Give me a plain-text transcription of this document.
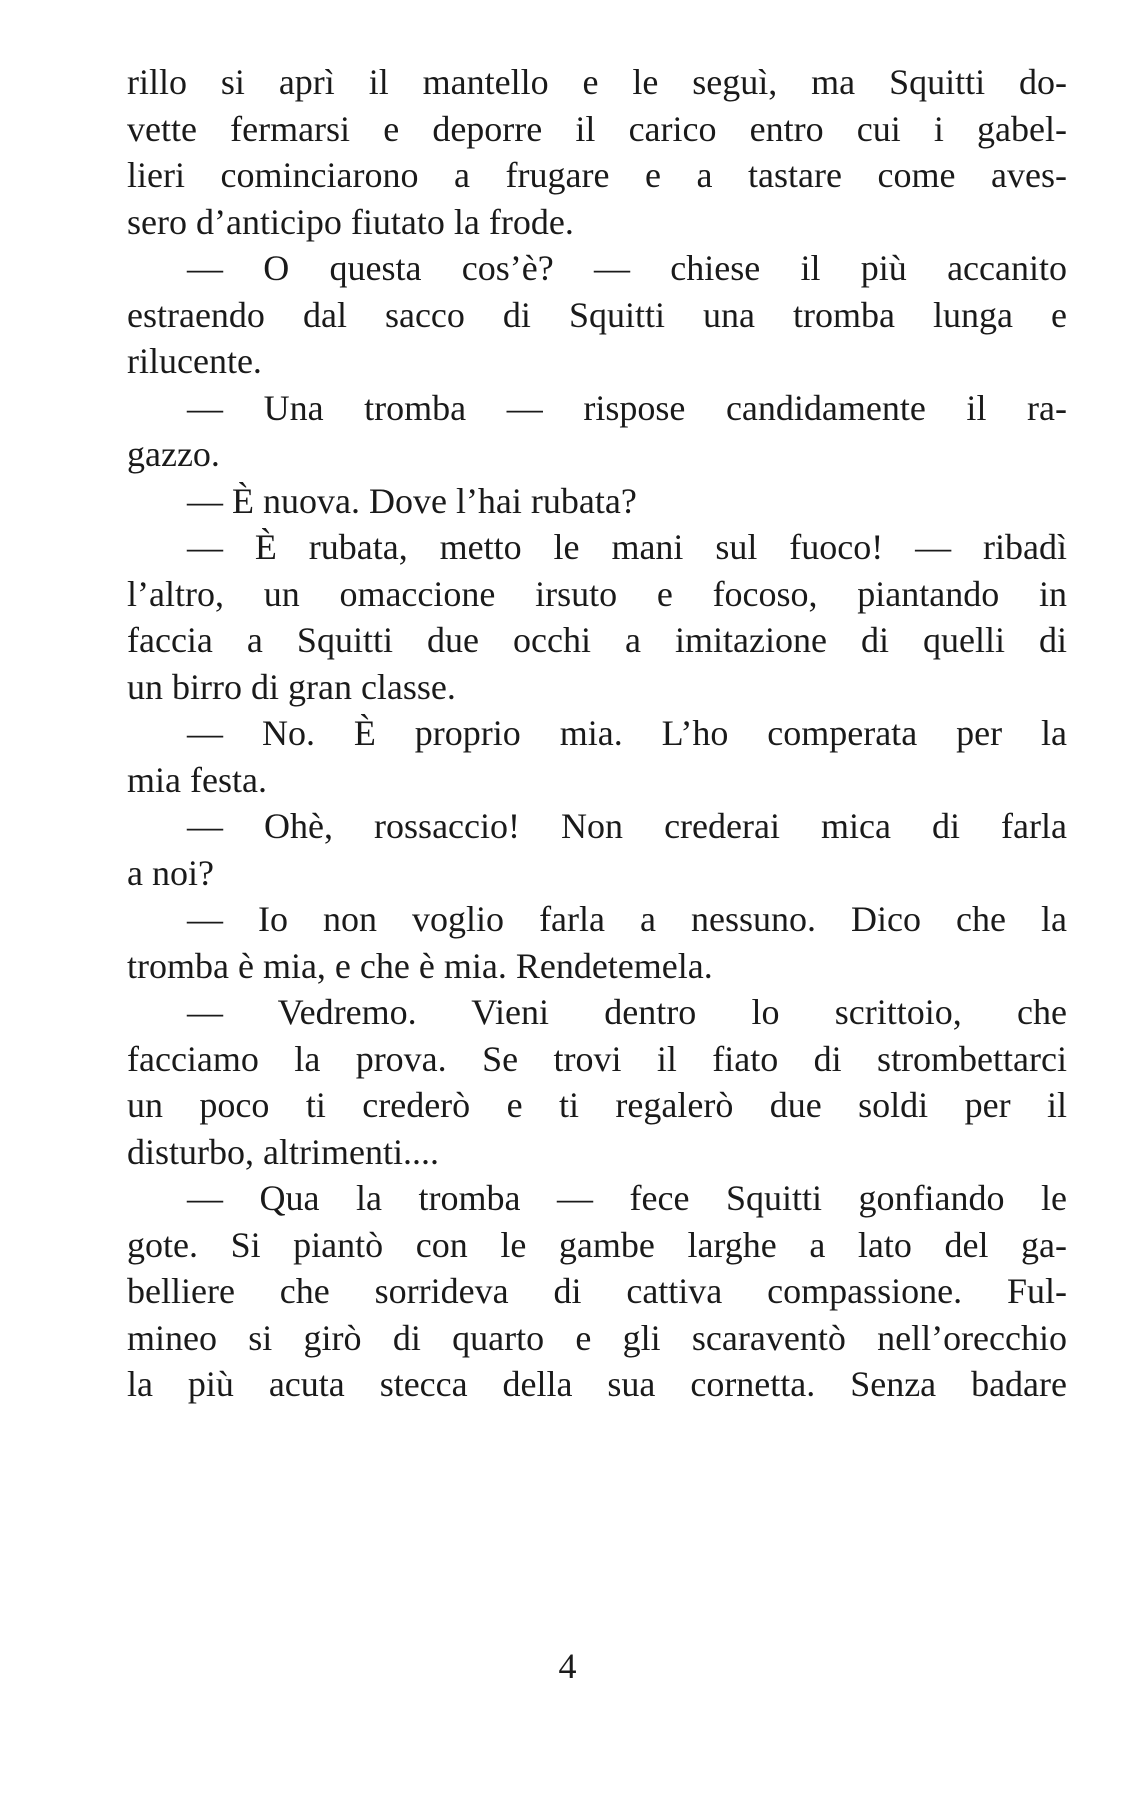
rillo si aprì il mantello e le seguì, ma Squitti do-
vette fermarsi e deporre il carico entro cui i gabel-
lieri cominciarono a frugare e a tastare come aves-
sero d’anticipo fiutato la frode.
— O questa cos’è? — chiese il più accanito
estraendo dal sacco di Squitti una tromba lunga e
rilucente.
— Una tromba — rispose candidamente il ra-
gazzo.
— È nuova. Dove l’hai rubata?
— È rubata, metto le mani sul fuoco! — ribadì
l’altro, un omaccione irsuto e focoso, piantando in
faccia a Squitti due occhi a imitazione di quelli di
un birro di gran classe.
— No. È proprio mia. L’ho comperata per la
mia festa.
— Ohè, rossaccio! Non crederai mica di farla
a noi?
— Io non voglio farla a nessuno. Dico che la
tromba è mia, e che è mia. Rendetemela.
— Vedremo. Vieni dentro lo scrittoio, che
facciamo la prova. Se trovi il fiato di strombettarci
un poco ti crederò e ti regalerò due soldi per il
disturbo, altrimenti....
— Qua la tromba — fece Squitti gonfiando le
gote. Si piantò con le gambe larghe a lato del ga-
belliere che sorrideva di cattiva compassione. Ful-
mineo si girò di quarto e gli scaraventò nell’orecchio
la più acuta stecca della sua cornetta. Senza badare
4
